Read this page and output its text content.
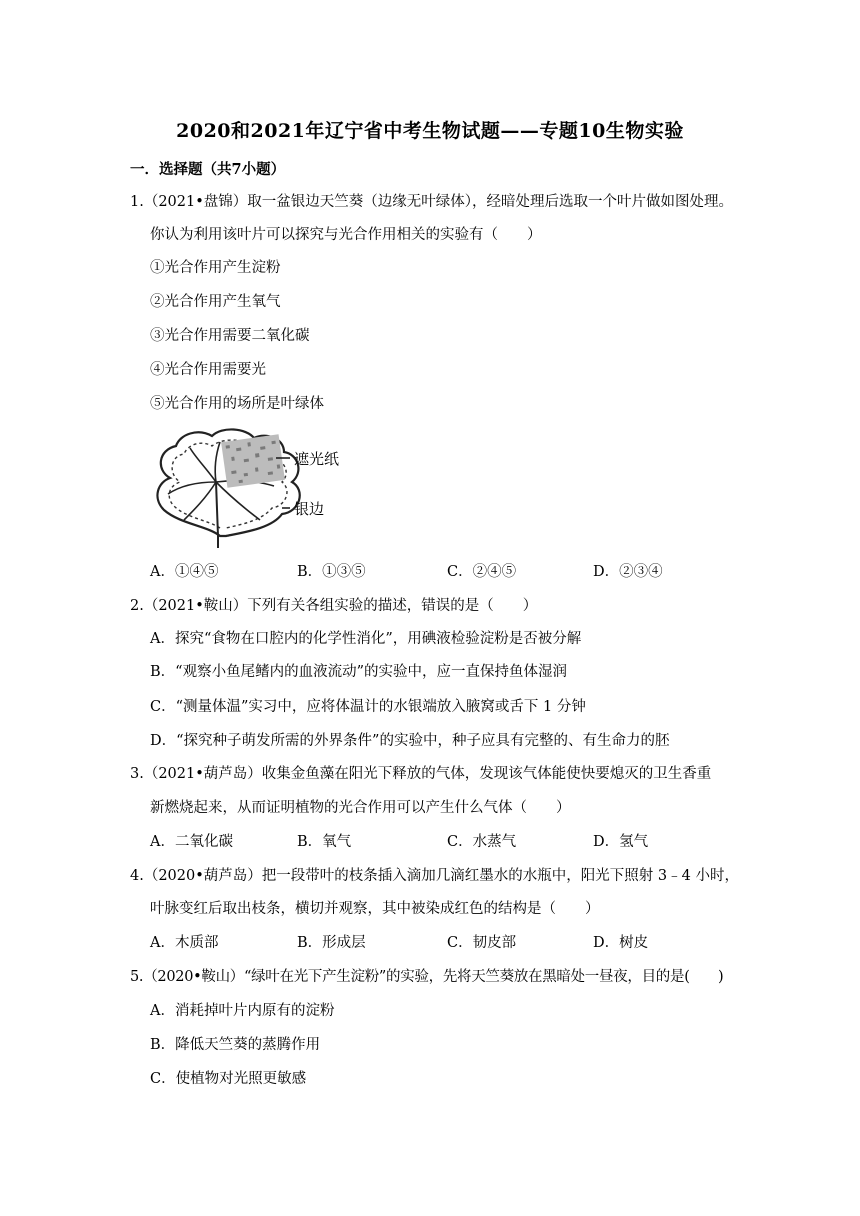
2020和2021年辽宁省中考生物试题——专题10生物实验
一．选择题（共7小题）
1.（2021•盘锦）取一盆银边天竺葵（边缘无叶绿体），经暗处理后选取一个叶片做如图处理。
你认为利用该叶片可以探究与光合作用相关的实验有（　　）
①光合作用产生淀粉
②光合作用产生氧气
③光合作用需要二氧化碳
④光合作用需要光
⑤光合作用的场所是叶绿体
遮光纸
银边
A．①④⑤	B．①③⑤	C．②④⑤	D．②③④
2.（2021•鞍山）下列有关各组实验的描述，错误的是（　　）
A．探究“食物在口腔内的化学性消化”，用碘液检验淀粉是否被分解
B．“观察小鱼尾鳍内的血液流动”的实验中，应一直保持鱼体湿润
C．“测量体温”实习中，应将体温计的水银端放入腋窝或舌下 1 分钟
D．“探究种子萌发所需的外界条件”的实验中，种子应具有完整的、有生命力的胚
3.（2021•葫芦岛）收集金鱼藻在阳光下释放的气体，发现该气体能使快要熄灭的卫生香重
新燃烧起来，从而证明植物的光合作用可以产生什么气体（　　）
A．二氧化碳	B．氧气	C．水蒸气	D．氢气
4.（2020•葫芦岛）把一段带叶的枝条插入滴加几滴红墨水的水瓶中，阳光下照射 3﹣4 小时，
叶脉变红后取出枝条，横切并观察，其中被染成红色的结构是（　　）
A．木质部	B．形成层	C．韧皮部	D．树皮
5.（2020•鞍山）“绿叶在光下产生淀粉”的实验，先将天竺葵放在黑暗处一昼夜，目的是(　　)
A．消耗掉叶片内原有的淀粉
B．降低天竺葵的蒸腾作用
C．使植物对光照更敏感
